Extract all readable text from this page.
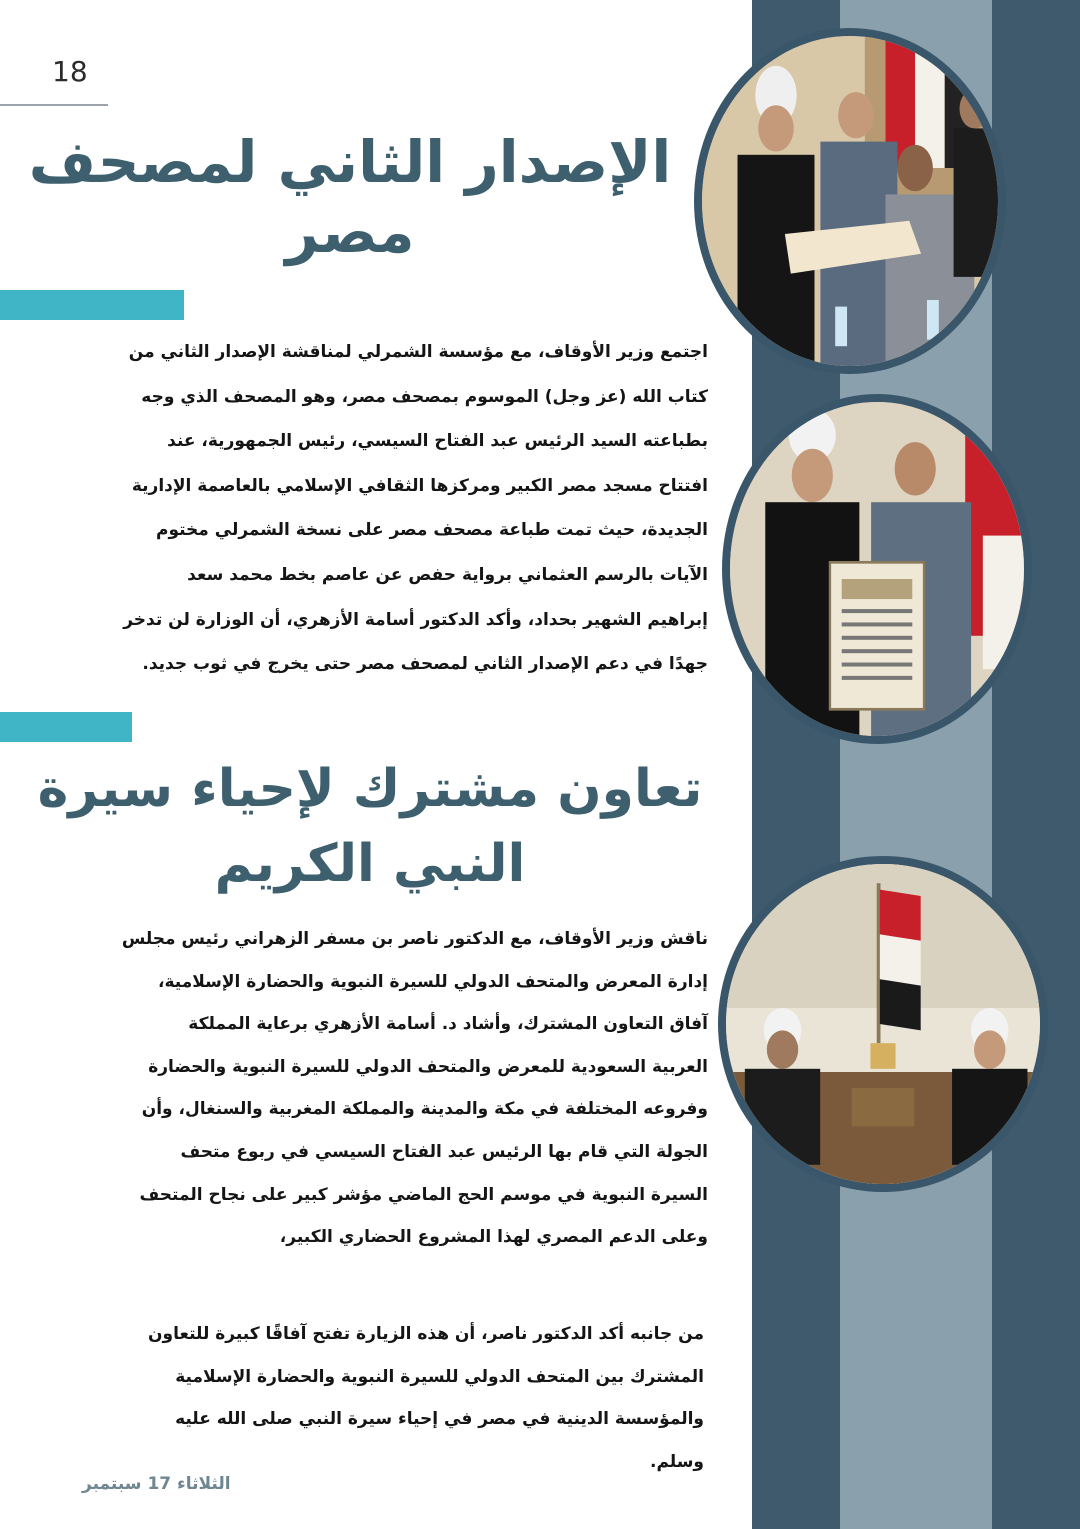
18
الإصدار الثاني لمصحف
مصر

اجتمع وزير الأوقاف، مع مؤسسة الشمرلي لمناقشة الإصدار الثاني من

كتاب الله (عز وجل) الموسوم بمصحف مصر، وهو المصحف الذي وجه

بطباعته السيد الرئيس عبد الفتاح السيسي، رئيس الجمهورية، عند

افتتاح مسجد مصر الكبير ومركزها الثقافي الإسلامي بالعاصمة الإدارية

الجديدة، حيث تمت طباعة مصحف مصر على نسخة الشمرلي مختوم

الآيات بالرسم العثماني برواية حفص عن عاصم بخط محمد سعد

إبراهيم الشهير بحداد، وأكد الدكتور أسامة الأزهري، أن الوزارة لن تدخر

جهدًا في دعم الإصدار الثاني لمصحف مصر حتى يخرج في ثوب جديد.

تعاون مشترك لإحياء سيرة
النبي الكريم

ناقش وزير الأوقاف، مع الدكتور ناصر بن مسفر الزهراني رئيس مجلس

إدارة المعرض والمتحف الدولي للسيرة النبوية والحضارة الإسلامية،

آفاق التعاون المشترك، وأشاد د. أسامة الأزهري برعاية المملكة

العربية السعودية للمعرض والمتحف الدولي للسيرة النبوية والحضارة

وفروعه المختلفة في مكة والمدينة والمملكة المغربية والسنغال، وأن

الجولة التي قام بها الرئيس عبد الفتاح السيسي في ربوع متحف

السيرة النبوية في موسم الحج الماضي مؤشر كبير على نجاح المتحف

وعلى الدعم المصري لهذا المشروع الحضاري الكبير،

من جانبه أكد الدكتور ناصر، أن هذه الزيارة تفتح آفاقًا كبيرة للتعاون

المشترك بين المتحف الدولي للسيرة النبوية والحضارة الإسلامية

والمؤسسة الدينية في مصر في إحياء سيرة النبي صلى الله عليه

وسلم.

الثلاثاء 17 سبتمبر
